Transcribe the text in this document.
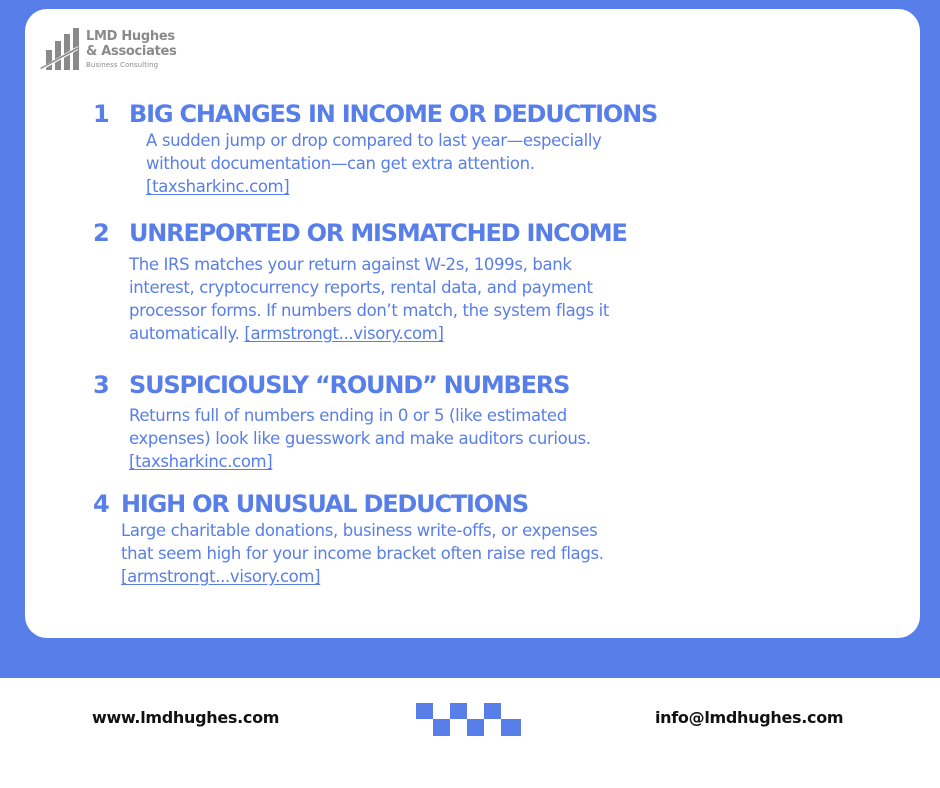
LMD Hughes
& Associates
Business Consulting
1 BIG CHANGES IN INCOME OR DEDUCTIONS
A sudden jump or drop compared to last year—especially
without documentation—can get extra attention.
[taxsharkinc.com]
2 UNREPORTED OR MISMATCHED INCOME
The IRS matches your return against W-2s, 1099s, bank
interest, cryptocurrency reports, rental data, and payment
processor forms. If numbers don’t match, the system flags it
automatically. [armstrongt...visory.com]
3 SUSPICIOUSLY “ROUND” NUMBERS
Returns full of numbers ending in 0 or 5 (like estimated
expenses) look like guesswork and make auditors curious.
[taxsharkinc.com]
4 HIGH OR UNUSUAL DEDUCTIONS
Large charitable donations, business write-offs, or expenses
that seem high for your income bracket often raise red flags.
[armstrongt...visory.com]
www.lmdhughes.com	info@lmdhughes.com
